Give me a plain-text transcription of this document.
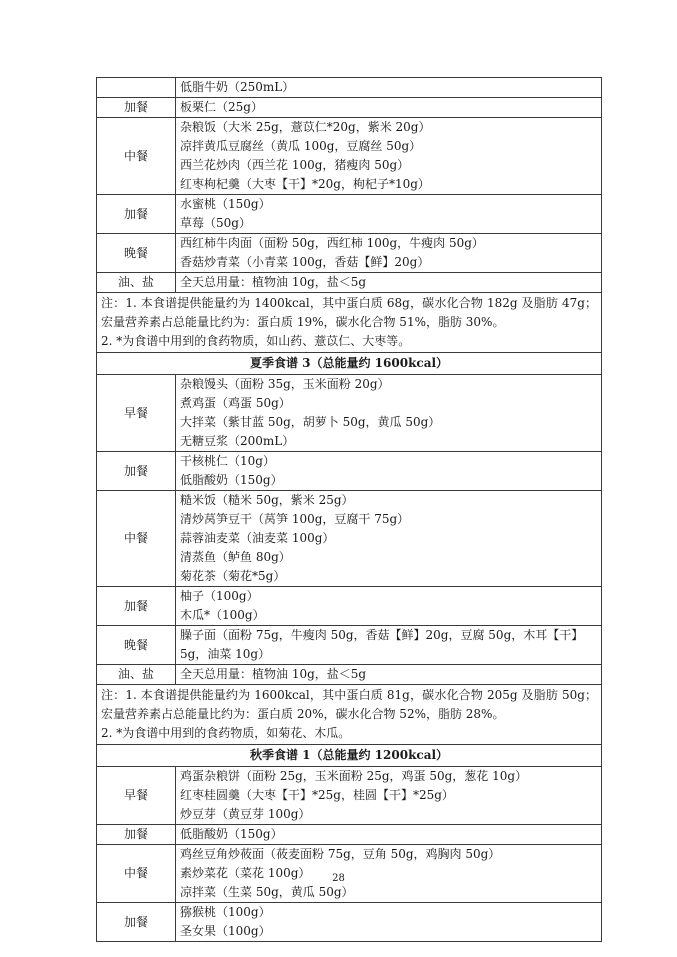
	低脂牛奶（250mL）

加餐	板栗仁（25g）

中餐	杂粮饭（大米 25g，薏苡仁*20g，紫米 20g）
凉拌黄瓜豆腐丝（黄瓜 100g，豆腐丝 50g）
西兰花炒肉（西兰花 100g，猪瘦肉 50g）
红枣枸杞羹（大枣【干】*20g，枸杞子*10g）

加餐	水蜜桃（150g）
草莓（50g）

晚餐	西红柿牛肉面（面粉 50g，西红柿 100g，牛瘦肉 50g）
香菇炒青菜（小青菜 100g，香菇【鲜】20g）

油、盐	全天总用量：植物油 10g，盐＜5g

注：1. 本食谱提供能量约为 1400kcal，其中蛋白质 68g，碳水化合物 182g 及脂肪 47g；宏量营养素占总能量比约为：蛋白质 19%，碳水化合物 51%，脂肪 30%。
2. *为食谱中用到的食药物质，如山药、薏苡仁、大枣等。	

夏季食谱 3（总能量约 1600kcal）	
早餐	杂粮馒头（面粉 35g，玉米面粉 20g）
煮鸡蛋（鸡蛋 50g）
大拌菜（紫甘蓝 50g，胡萝卜 50g，黄瓜 50g）
无糖豆浆（200mL）

加餐	干核桃仁（10g）
低脂酸奶（150g）

中餐	糙米饭（糙米 50g，紫米 25g）
清炒莴笋豆干（莴笋 100g，豆腐干 75g）
蒜蓉油麦菜（油麦菜 100g）
清蒸鱼（鲈鱼 80g）
菊花茶（菊花*5g）

加餐	柚子（100g）
木瓜*（100g）

晚餐	臊子面（面粉 75g，牛瘦肉 50g，香菇【鲜】20g，豆腐 50g，木耳【干】5g，油菜 10g）

油、盐	全天总用量：植物油 10g，盐＜5g

注：1. 本食谱提供能量约为 1600kcal，其中蛋白质 81g，碳水化合物 205g 及脂肪 50g；宏量营养素占总能量比约为：蛋白质 20%，碳水化合物 52%，脂肪 28%。
2. *为食谱中用到的食药物质，如菊花、木瓜。	

秋季食谱 1（总能量约 1200kcal）	
早餐	鸡蛋杂粮饼（面粉 25g，玉米面粉 25g，鸡蛋 50g，葱花 10g）
红枣桂圆羹（大枣【干】*25g，桂圆【干】*25g）
炒豆芽（黄豆芽 100g）

加餐	低脂酸奶（150g）

中餐	鸡丝豆角炒莜面（莜麦面粉 75g，豆角 50g，鸡胸肉 50g）
素炒菜花（菜花 100g）
凉拌菜（生菜 50g，黄瓜 50g）

加餐	猕猴桃（100g）
圣女果（100g）
28
